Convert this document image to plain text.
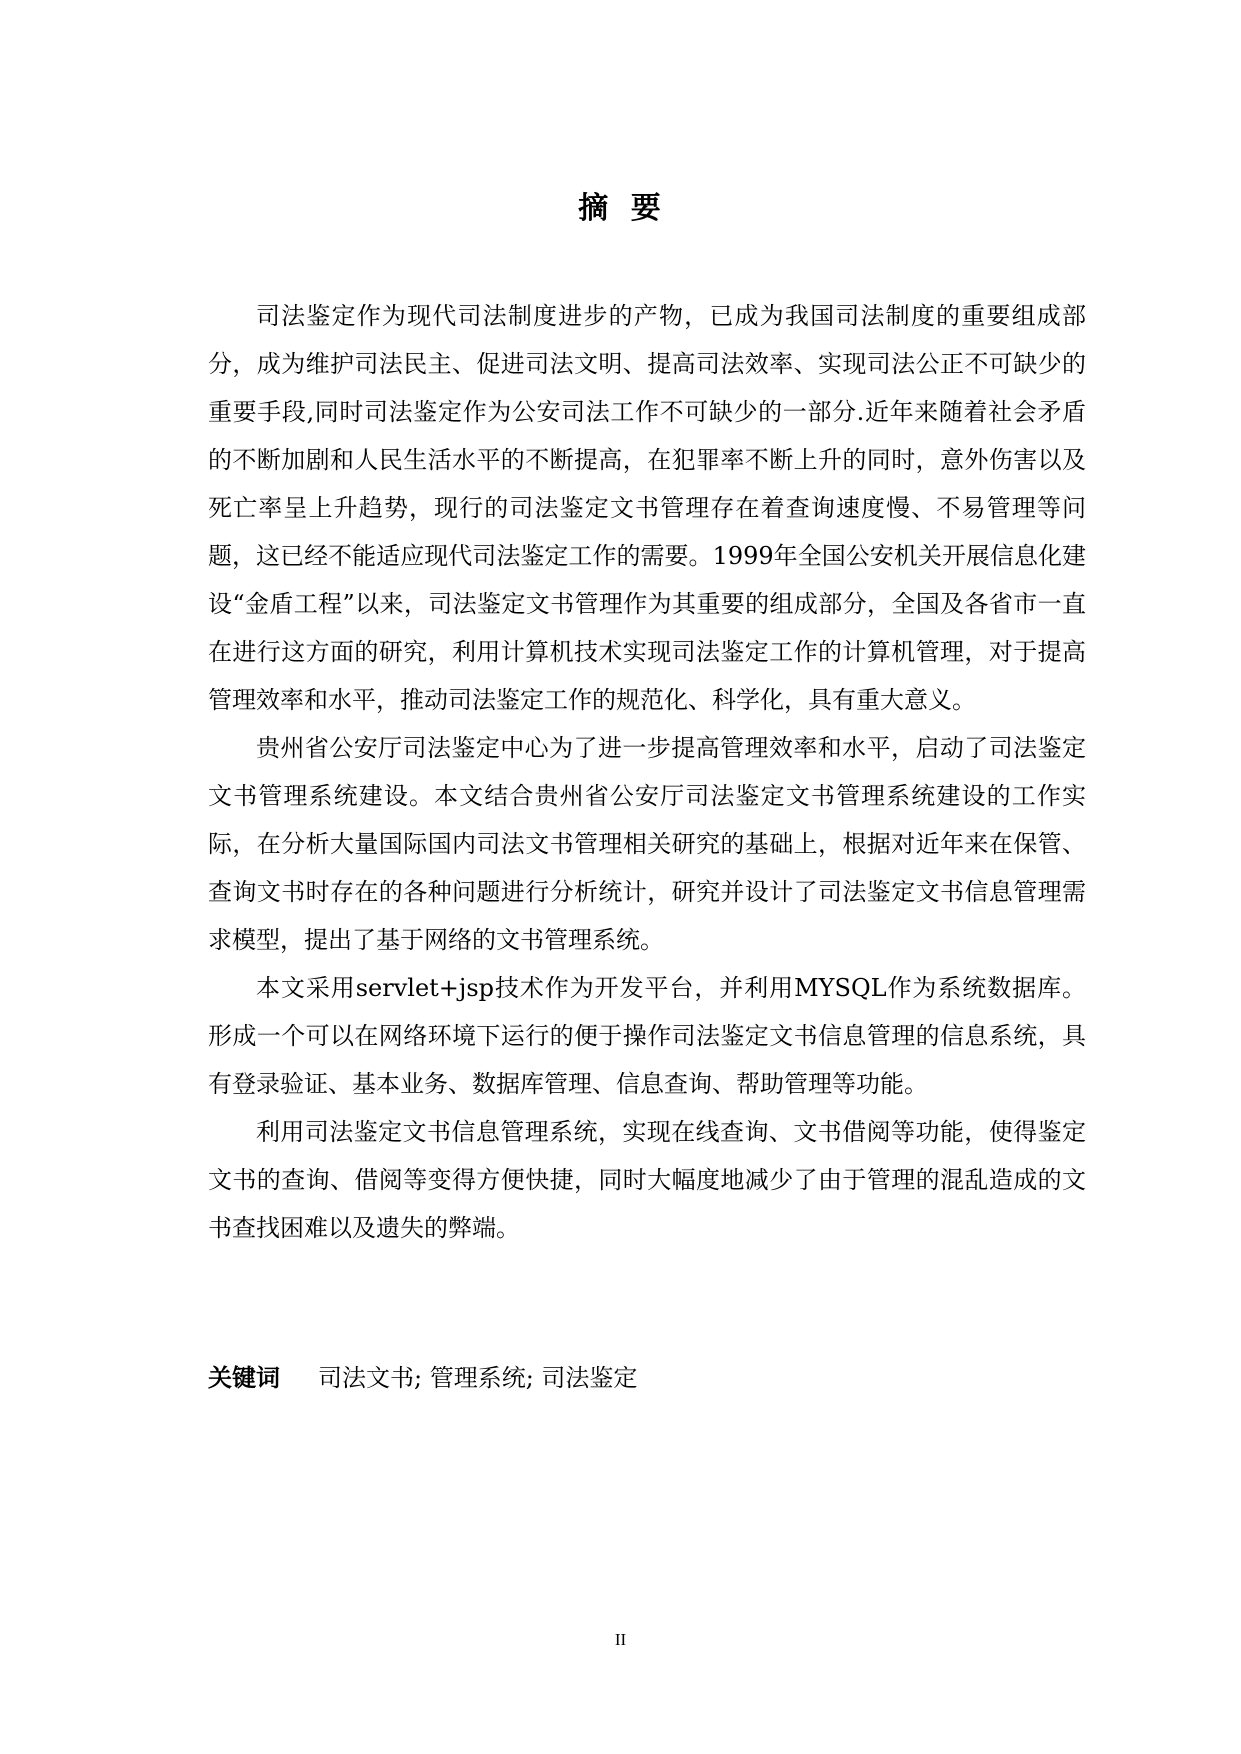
摘 要

司法鉴定作为现代司法制度进步的产物，已成为我国司法制度的重要组成部分，成为维护司法民主、促进司法文明、提高司法效率、实现司法公正不可缺少的重要手段,同时司法鉴定作为公安司法工作不可缺少的一部分.近年来随着社会矛盾的不断加剧和人民生活水平的不断提高，在犯罪率不断上升的同时，意外伤害以及死亡率呈上升趋势，现行的司法鉴定文书管理存在着查询速度慢、不易管理等问题，这已经不能适应现代司法鉴定工作的需要。1999年全国公安机关开展信息化建设“金盾工程”以来，司法鉴定文书管理作为其重要的组成部分，全国及各省市一直在进行这方面的研究，利用计算机技术实现司法鉴定工作的计算机管理，对于提高管理效率和水平，推动司法鉴定工作的规范化、科学化，具有重大意义。

贵州省公安厅司法鉴定中心为了进一步提高管理效率和水平，启动了司法鉴定文书管理系统建设。本文结合贵州省公安厅司法鉴定文书管理系统建设的工作实际，在分析大量国际国内司法文书管理相关研究的基础上，根据对近年来在保管、查询文书时存在的各种问题进行分析统计，研究并设计了司法鉴定文书信息管理需求模型，提出了基于网络的文书管理系统。

本文采用servlet+jsp技术作为开发平台，并利用MYSQL作为系统数据库。形成一个可以在网络环境下运行的便于操作司法鉴定文书信息管理的信息系统，具有登录验证、基本业务、数据库管理、信息查询、帮助管理等功能。

利用司法鉴定文书信息管理系统，实现在线查询、文书借阅等功能，使得鉴定文书的查询、借阅等变得方便快捷，同时大幅度地减少了由于管理的混乱造成的文书查找困难以及遗失的弊端。

关键词	司法文书; 管理系统; 司法鉴定
II
